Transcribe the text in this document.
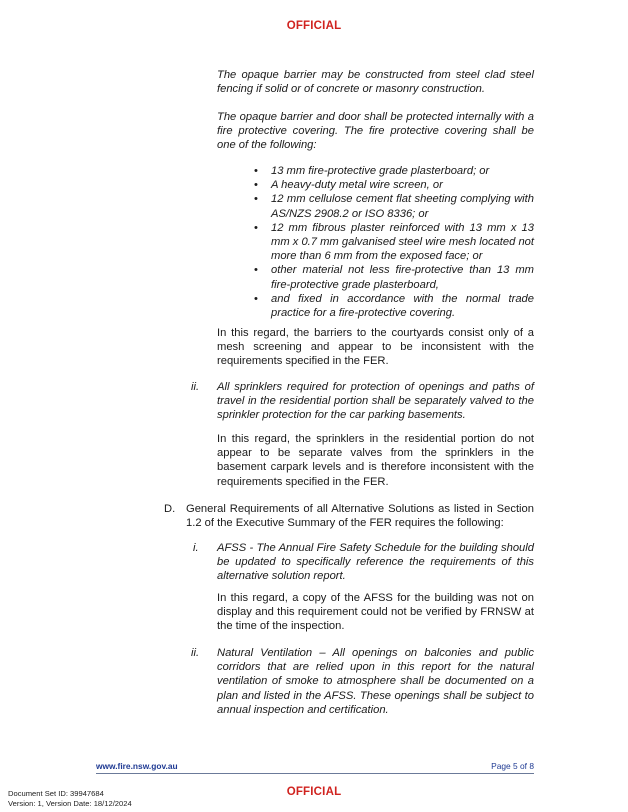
OFFICIAL
The opaque barrier may be constructed from steel clad steel fencing if solid or of concrete or masonry construction.
The opaque barrier and door shall be protected internally with a fire protective covering. The fire protective covering shall be one of the following:
• 13 mm fire-protective grade plasterboard; or
• A heavy-duty metal wire screen, or
• 12 mm cellulose cement flat sheeting complying with AS/NZS 2908.2 or ISO 8336; or
• 12 mm fibrous plaster reinforced with 13 mm x 13 mm x 0.7 mm galvanised steel wire mesh located not more than 6 mm from the exposed face; or
• other material not less fire-protective than 13 mm fire-protective grade plasterboard,
• and fixed in accordance with the normal trade practice for a fire-protective covering.
In this regard, the barriers to the courtyards consist only of a mesh screening and appear to be inconsistent with the requirements specified in the FER.
ii. All sprinklers required for protection of openings and paths of travel in the residential portion shall be separately valved to the sprinkler protection for the car parking basements.
In this regard, the sprinklers in the residential portion do not appear to be separate valves from the sprinklers in the basement carpark levels and is therefore inconsistent with the requirements specified in the FER.
D. General Requirements of all Alternative Solutions as listed in Section 1.2 of the Executive Summary of the FER requires the following:
i. AFSS - The Annual Fire Safety Schedule for the building should be updated to specifically reference the requirements of this alternative solution report.
In this regard, a copy of the AFSS for the building was not on display and this requirement could not be verified by FRNSW at the time of the inspection.
ii. Natural Ventilation – All openings on balconies and public corridors that are relied upon in this report for the natural ventilation of smoke to atmosphere shall be documented on a plan and listed in the AFSS. These openings shall be subject to annual inspection and certification.
www.fire.nsw.gov.au	Page 5 of 8
Document Set ID: 39947684
Version: 1, Version Date: 18/12/2024
OFFICIAL
